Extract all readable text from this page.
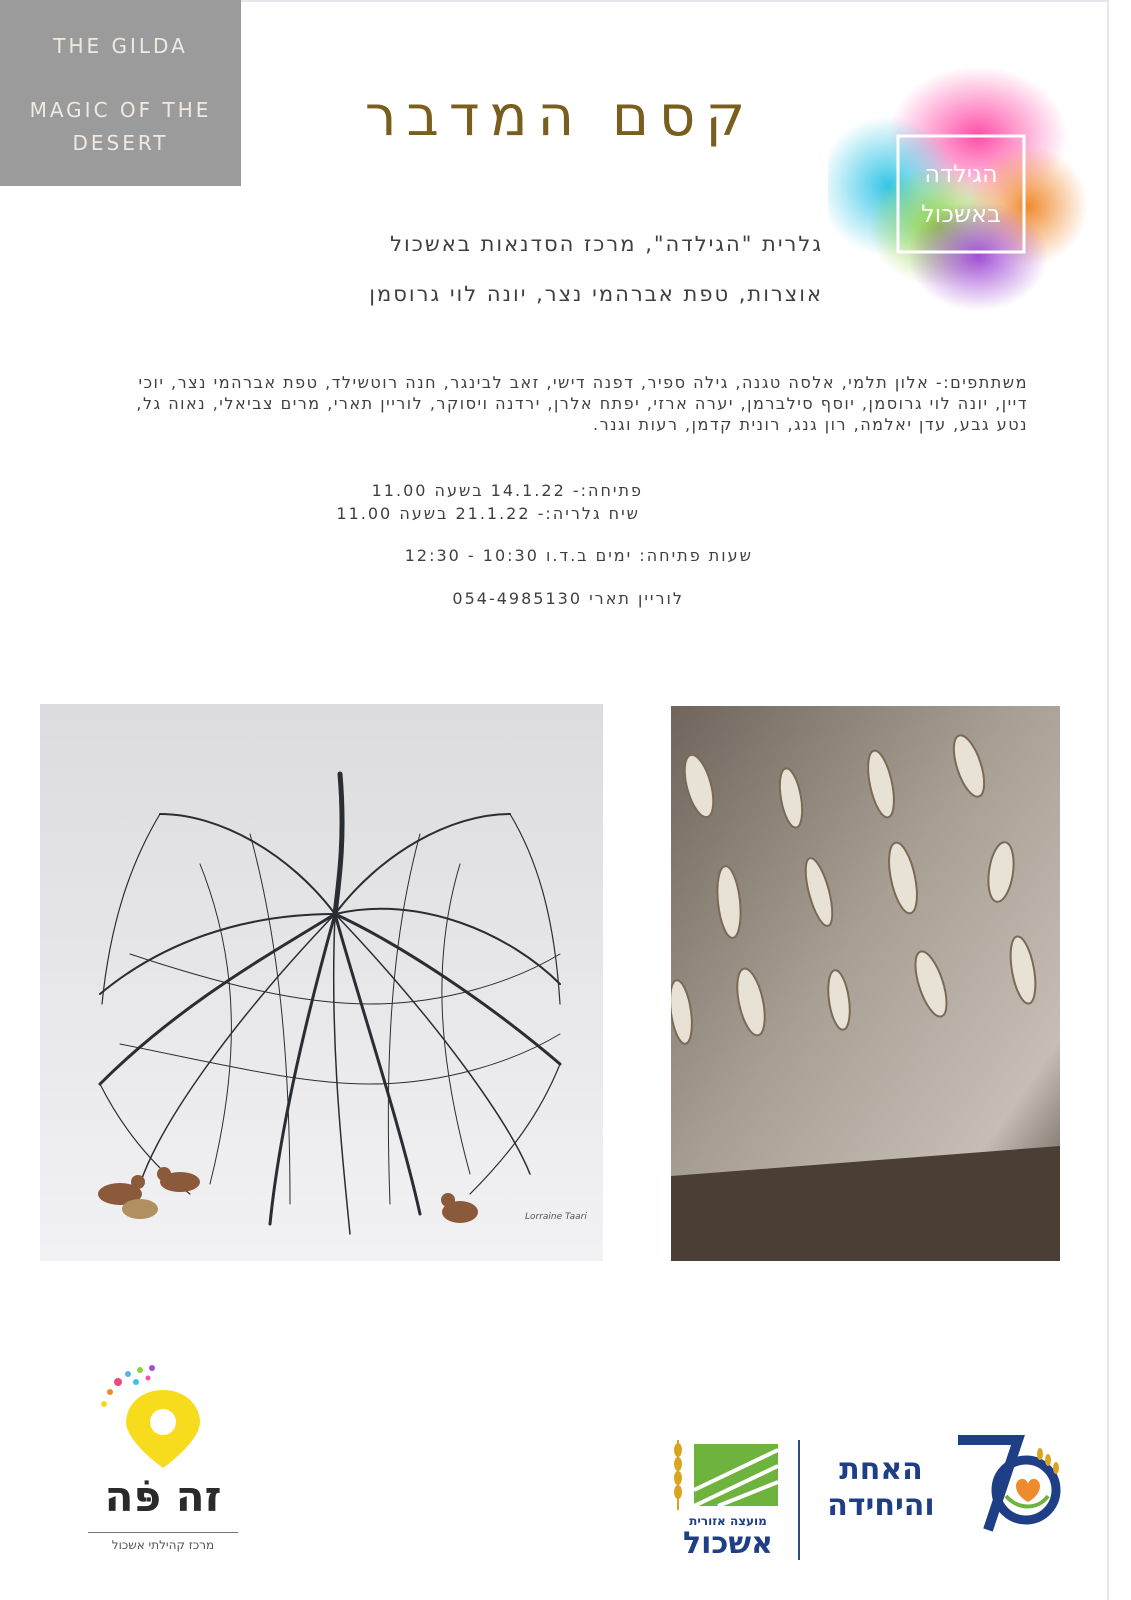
THE GILDA
MAGIC OF THE
DESERT	קסם המדבר
הגילדה
באשכול
גלרית "הגילדה", מרכז הסדנאות באשכול
אוצרות, טפת אברהמי נצר, יונה לוי גרוסמן
משתתפים:- אלון תלמי, אלסה טגנה, גילה ספיר, דפנה דישי, זאב לבינגר, חנה רוטשילד, טפת אברהמי נצר, יוכי דיין, יונה לוי גרוסמן, יוסף סילברמן, יערה ארזי, יפתח אלרן, ירדנה ויסוקר, לוריין תארי, מרים צביאלי, נאוה גל, נטע גבע, עדן יאלמה, רון גנג, רונית קדמן, רעות וגנר.
פתיחה:- 14.1.22 בשעה 11.00
שיח גלריה:- 21.1.22 בשעה 11.00
שעות פתיחה: ימים ב.ד.ו 10:30 - 12:30
לוריין תארי 054-4985130
Lorraine Taari
זה פֹּה
מרכז קהילתי אשכול
מועצה אזורית
אשכול
האחת
והיחידה
